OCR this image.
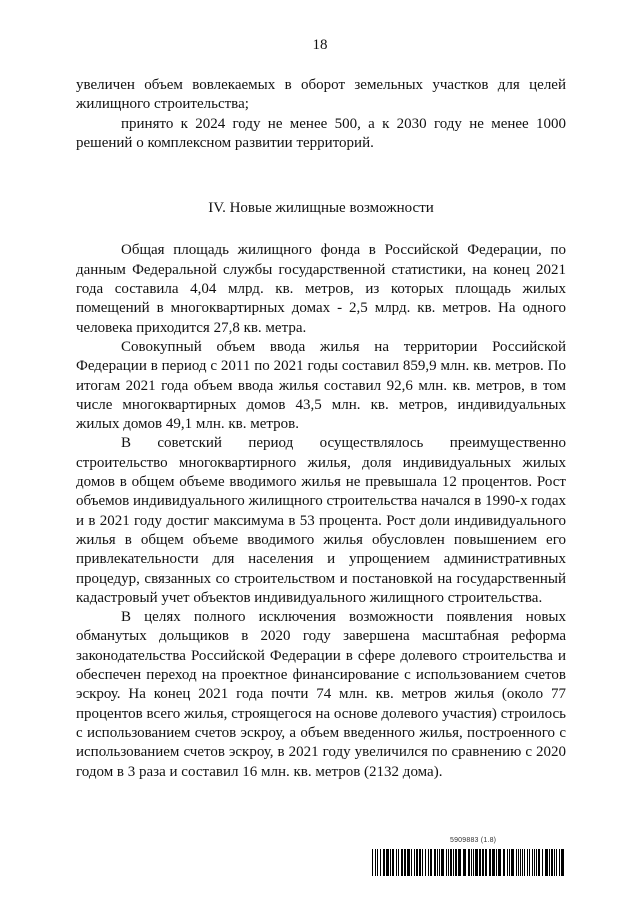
18

увеличен объем вовлекаемых в оборот земельных участков для целей жилищного строительства;

принято к 2024 году не менее 500, а к 2030 году не менее 1000 решений о комплексном развитии территорий.

IV. Новые жилищные возможности

Общая площадь жилищного фонда в Российской Федерации, по данным Федеральной службы государственной статистики, на конец 2021 года составила 4,04 млрд. кв. метров, из которых площадь жилых помещений в многоквартирных домах - 2,5 млрд. кв. метров. На одного человека приходится 27,8 кв. метра.

Совокупный объем ввода жилья на территории Российской Федерации в период с 2011 по 2021 годы составил 859,9 млн. кв. метров. По итогам 2021 года объем ввода жилья составил 92,6 млн. кв. метров, в том числе многоквартирных домов 43,5 млн. кв. метров, индивидуальных жилых домов 49,1 млн. кв. метров.

В советский период осуществлялось преимущественно строительство многоквартирного жилья, доля индивидуальных жилых домов в общем объеме вводимого жилья не превышала 12 процентов. Рост объемов индивидуального жилищного строительства начался в 1990-х годах и в 2021 году достиг максимума в 53 процента. Рост доли индивидуального жилья в общем объеме вводимого жилья обусловлен повышением его привлекательности для населения и упрощением административных процедур, связанных со строительством и постановкой на государственный кадастровый учет объектов индивидуального жилищного строительства.

В целях полного исключения возможности появления новых обманутых дольщиков в 2020 году завершена масштабная реформа законодательства Российской Федерации в сфере долевого строительства и обеспечен переход на проектное финансирование с использованием счетов эскроу. На конец 2021 года почти 74 млн. кв. метров жилья (около 77 процентов всего жилья, строящегося на основе долевого участия) строилось с использованием счетов эскроу, а объем введенного жилья, построенного с использованием счетов эскроу, в 2021 году увеличился по сравнению с 2020 годом в 3 раза и составил 16 млн. кв. метров (2132 дома).

5909883 (1.8)
